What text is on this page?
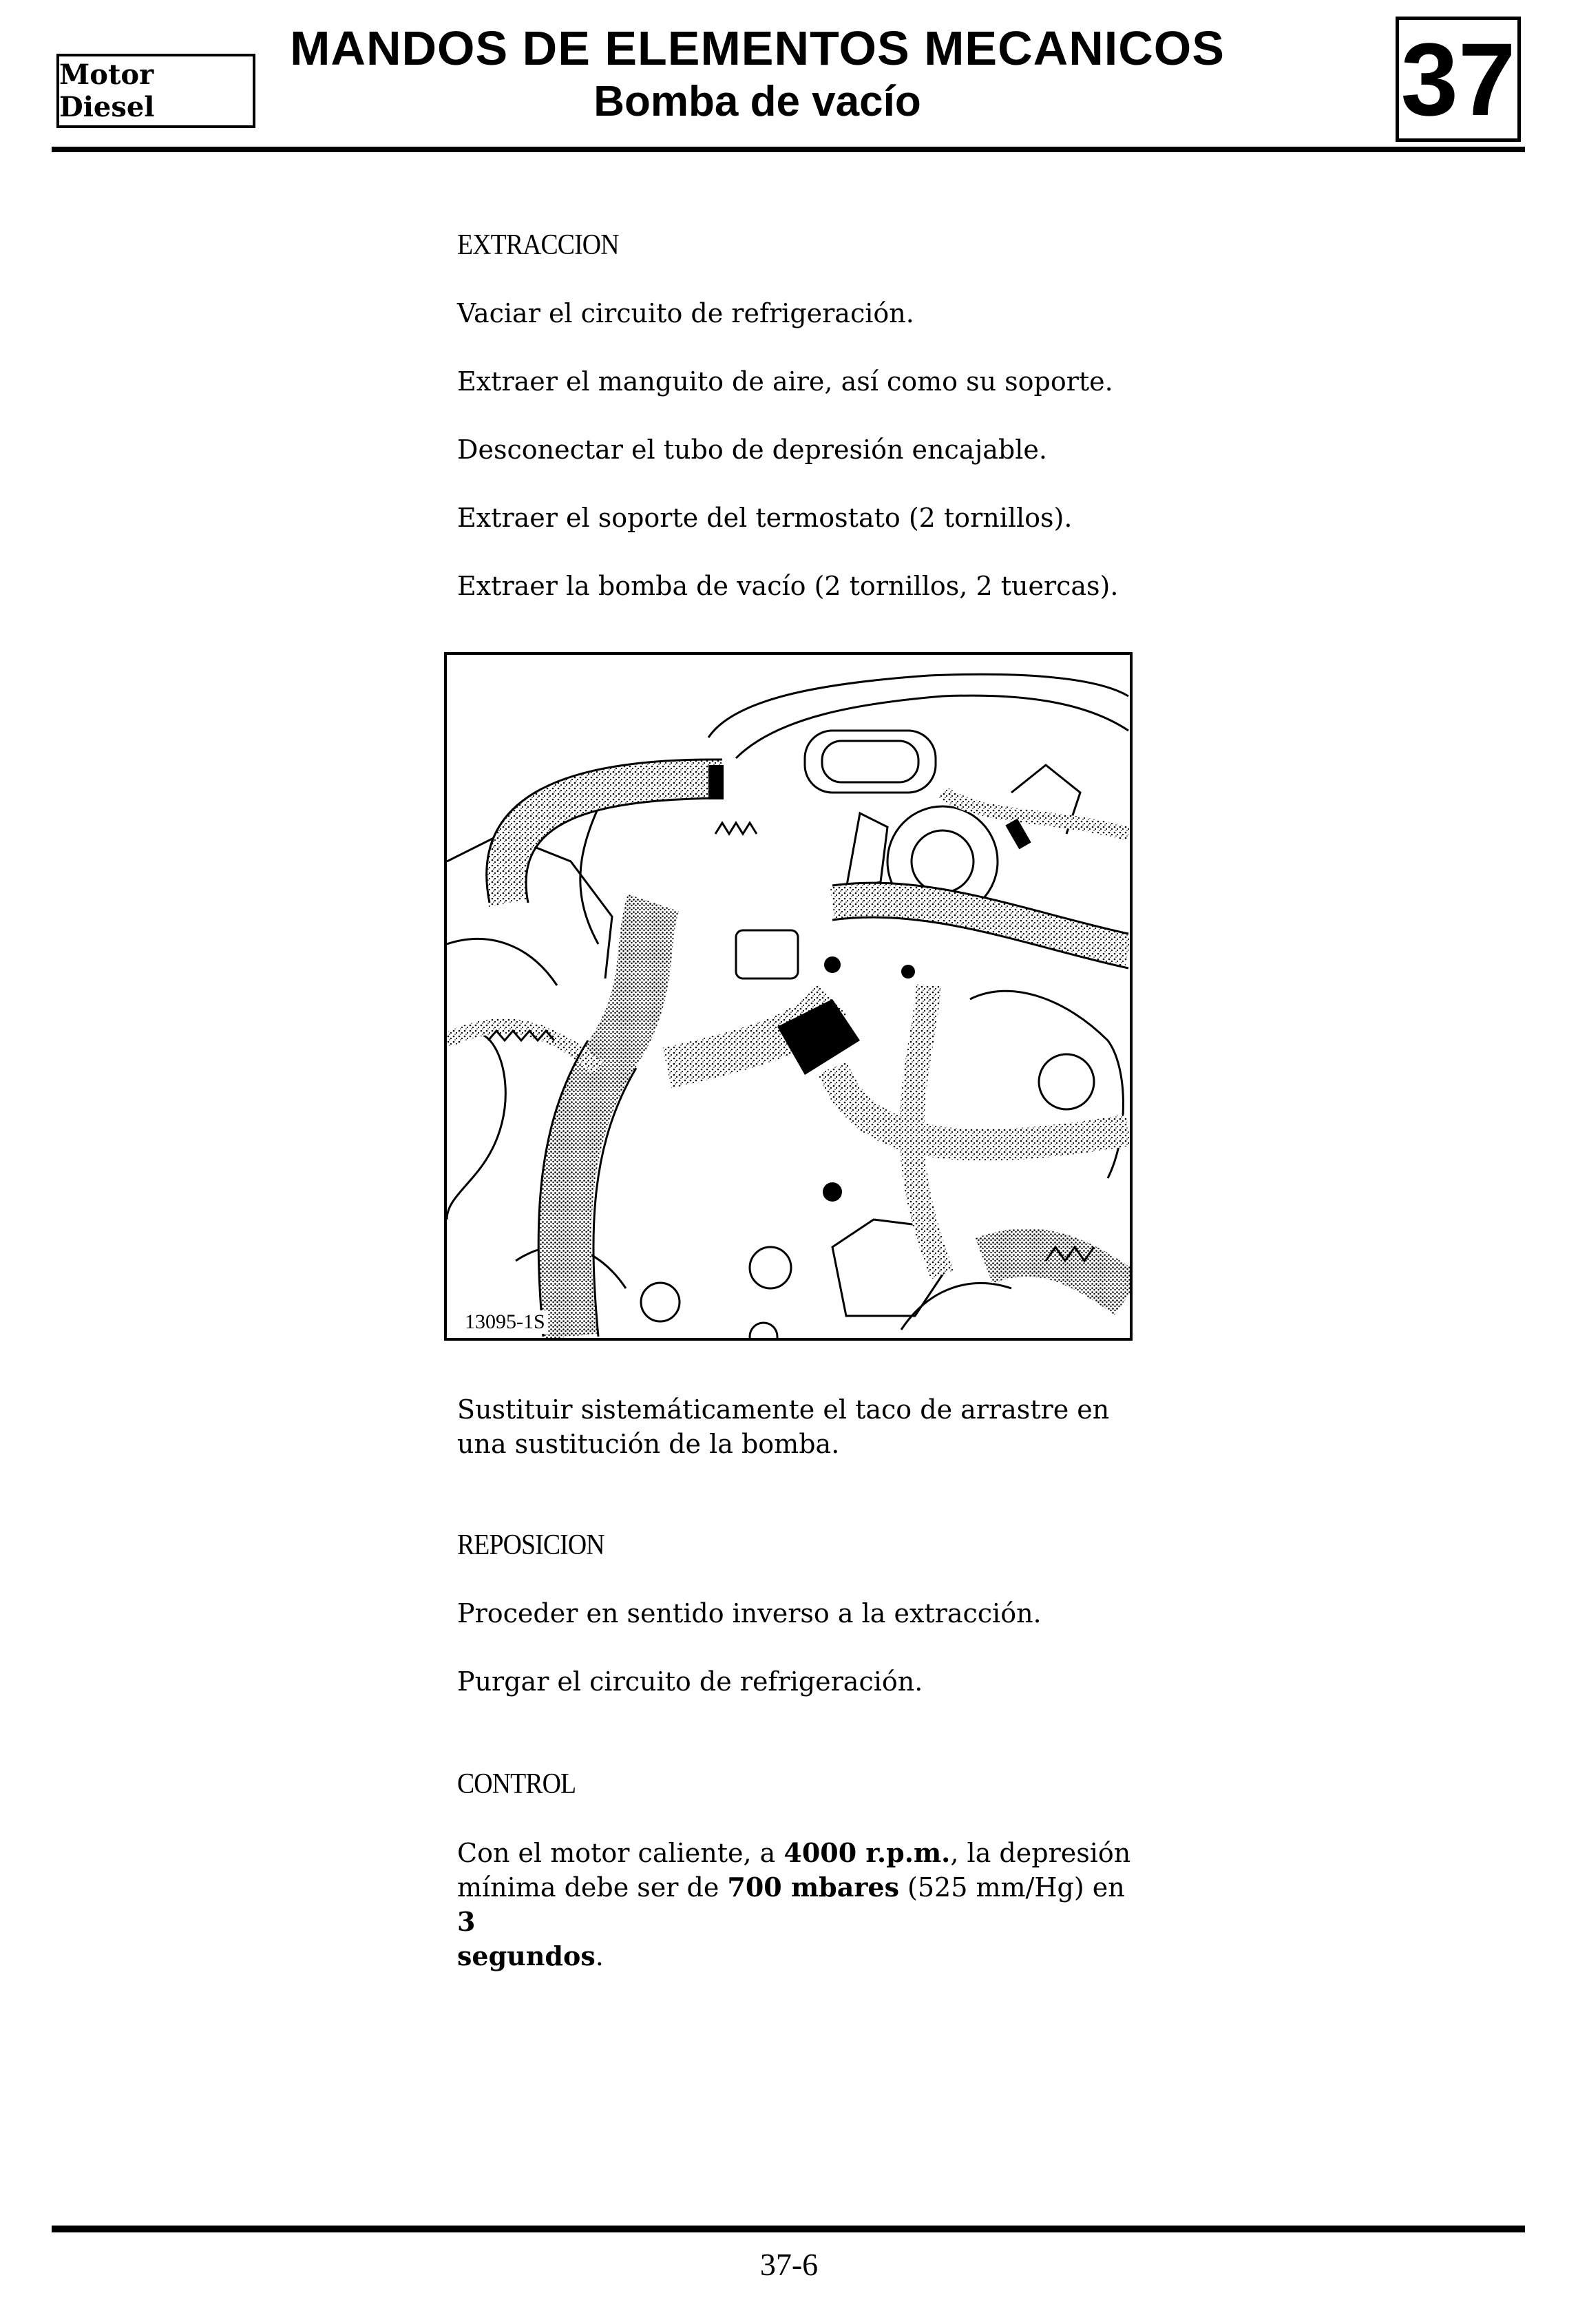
Motor Diesel
MANDOS DE ELEMENTOS MECANICOS
Bomba de vacío	37
EXTRACCION
Vaciar el circuito de refrigeración.
Extraer el manguito de aire, así como su soporte.
Desconectar el tubo de depresión encajable.
Extraer el soporte del termostato (2 tornillos).
Extraer la bomba de vacío (2 tornillos, 2 tuercas).
13095-1S
Sustituir sistemáticamente el taco de arrastre en
una sustitución de la bomba.
REPOSICION
Proceder en sentido inverso a la extracción.
Purgar el circuito de refrigeración.
CONTROL
Con el motor caliente, a 4000 r.p.m., la depresión
mínima debe ser de 700 mbares (525 mm/Hg) en 3
segundos.
37-6
